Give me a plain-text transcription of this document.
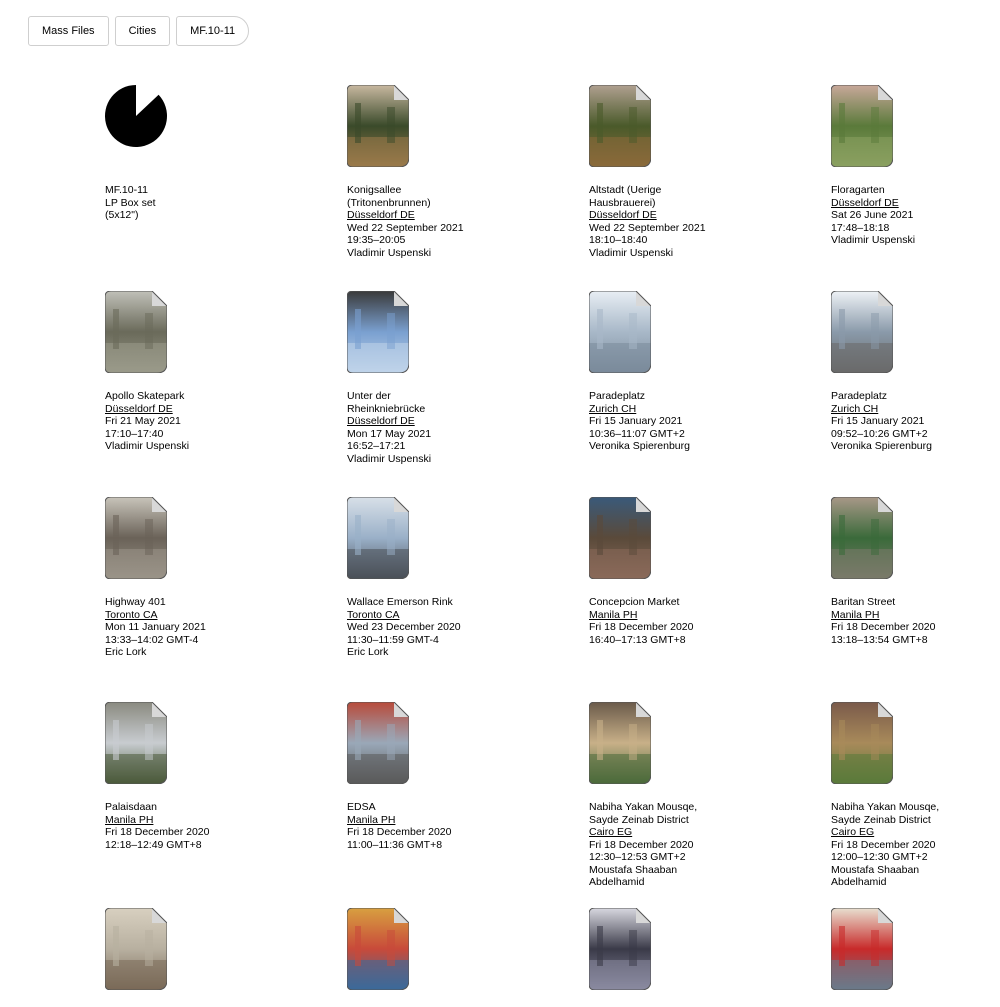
Mass Files	Cities	MF.10-11
MF.10-11
LP Box set
(5x12")
Konigsallee (Tritonenbrunnen)
Düsseldorf DE
Wed 22 September 2021
19:35–20:05
Vladimir Uspenski
Altstadt (Uerige Hausbrauerei)
Düsseldorf DE
Wed 22 September 2021
18:10–18:40
Vladimir Uspenski
Floragarten
Düsseldorf DE
Sat 26 June 2021
17:48–18:18
Vladimir Uspenski
Apollo Skatepark
Düsseldorf DE
Fri 21 May 2021
17:10–17:40
Vladimir Uspenski
Unter der Rheinkniebrücke
Düsseldorf DE
Mon 17 May 2021
16:52–17:21
Vladimir Uspenski
Paradeplatz
Zurich CH
Fri 15 January 2021
10:36–11:07 GMT+2
Veronika Spierenburg
Paradeplatz
Zurich CH
Fri 15 January 2021
09:52–10:26 GMT+2
Veronika Spierenburg
Highway 401
Toronto CA
Mon 11 January 2021
13:33–14:02 GMT-4
Eric Lork
Wallace Emerson Rink
Toronto CA
Wed 23 December 2020
11:30–11:59 GMT-4
Eric Lork
Concepcion Market
Manila PH
Fri 18 December 2020
16:40–17:13 GMT+8
Baritan Street
Manila PH
Fri 18 December 2020
13:18–13:54 GMT+8
Palaisdaan
Manila PH
Fri 18 December 2020
12:18–12:49 GMT+8
EDSA
Manila PH
Fri 18 December 2020
11:00–11:36 GMT+8
Nabiha Yakan Mousqe, Sayde Zeinab District
Cairo EG
Fri 18 December 2020
12:30–12:53 GMT+2
Moustafa Shaaban Abdelhamid
Nabiha Yakan Mousqe, Sayde Zeinab District
Cairo EG
Fri 18 December 2020
12:00–12:30 GMT+2
Moustafa Shaaban Abdelhamid
